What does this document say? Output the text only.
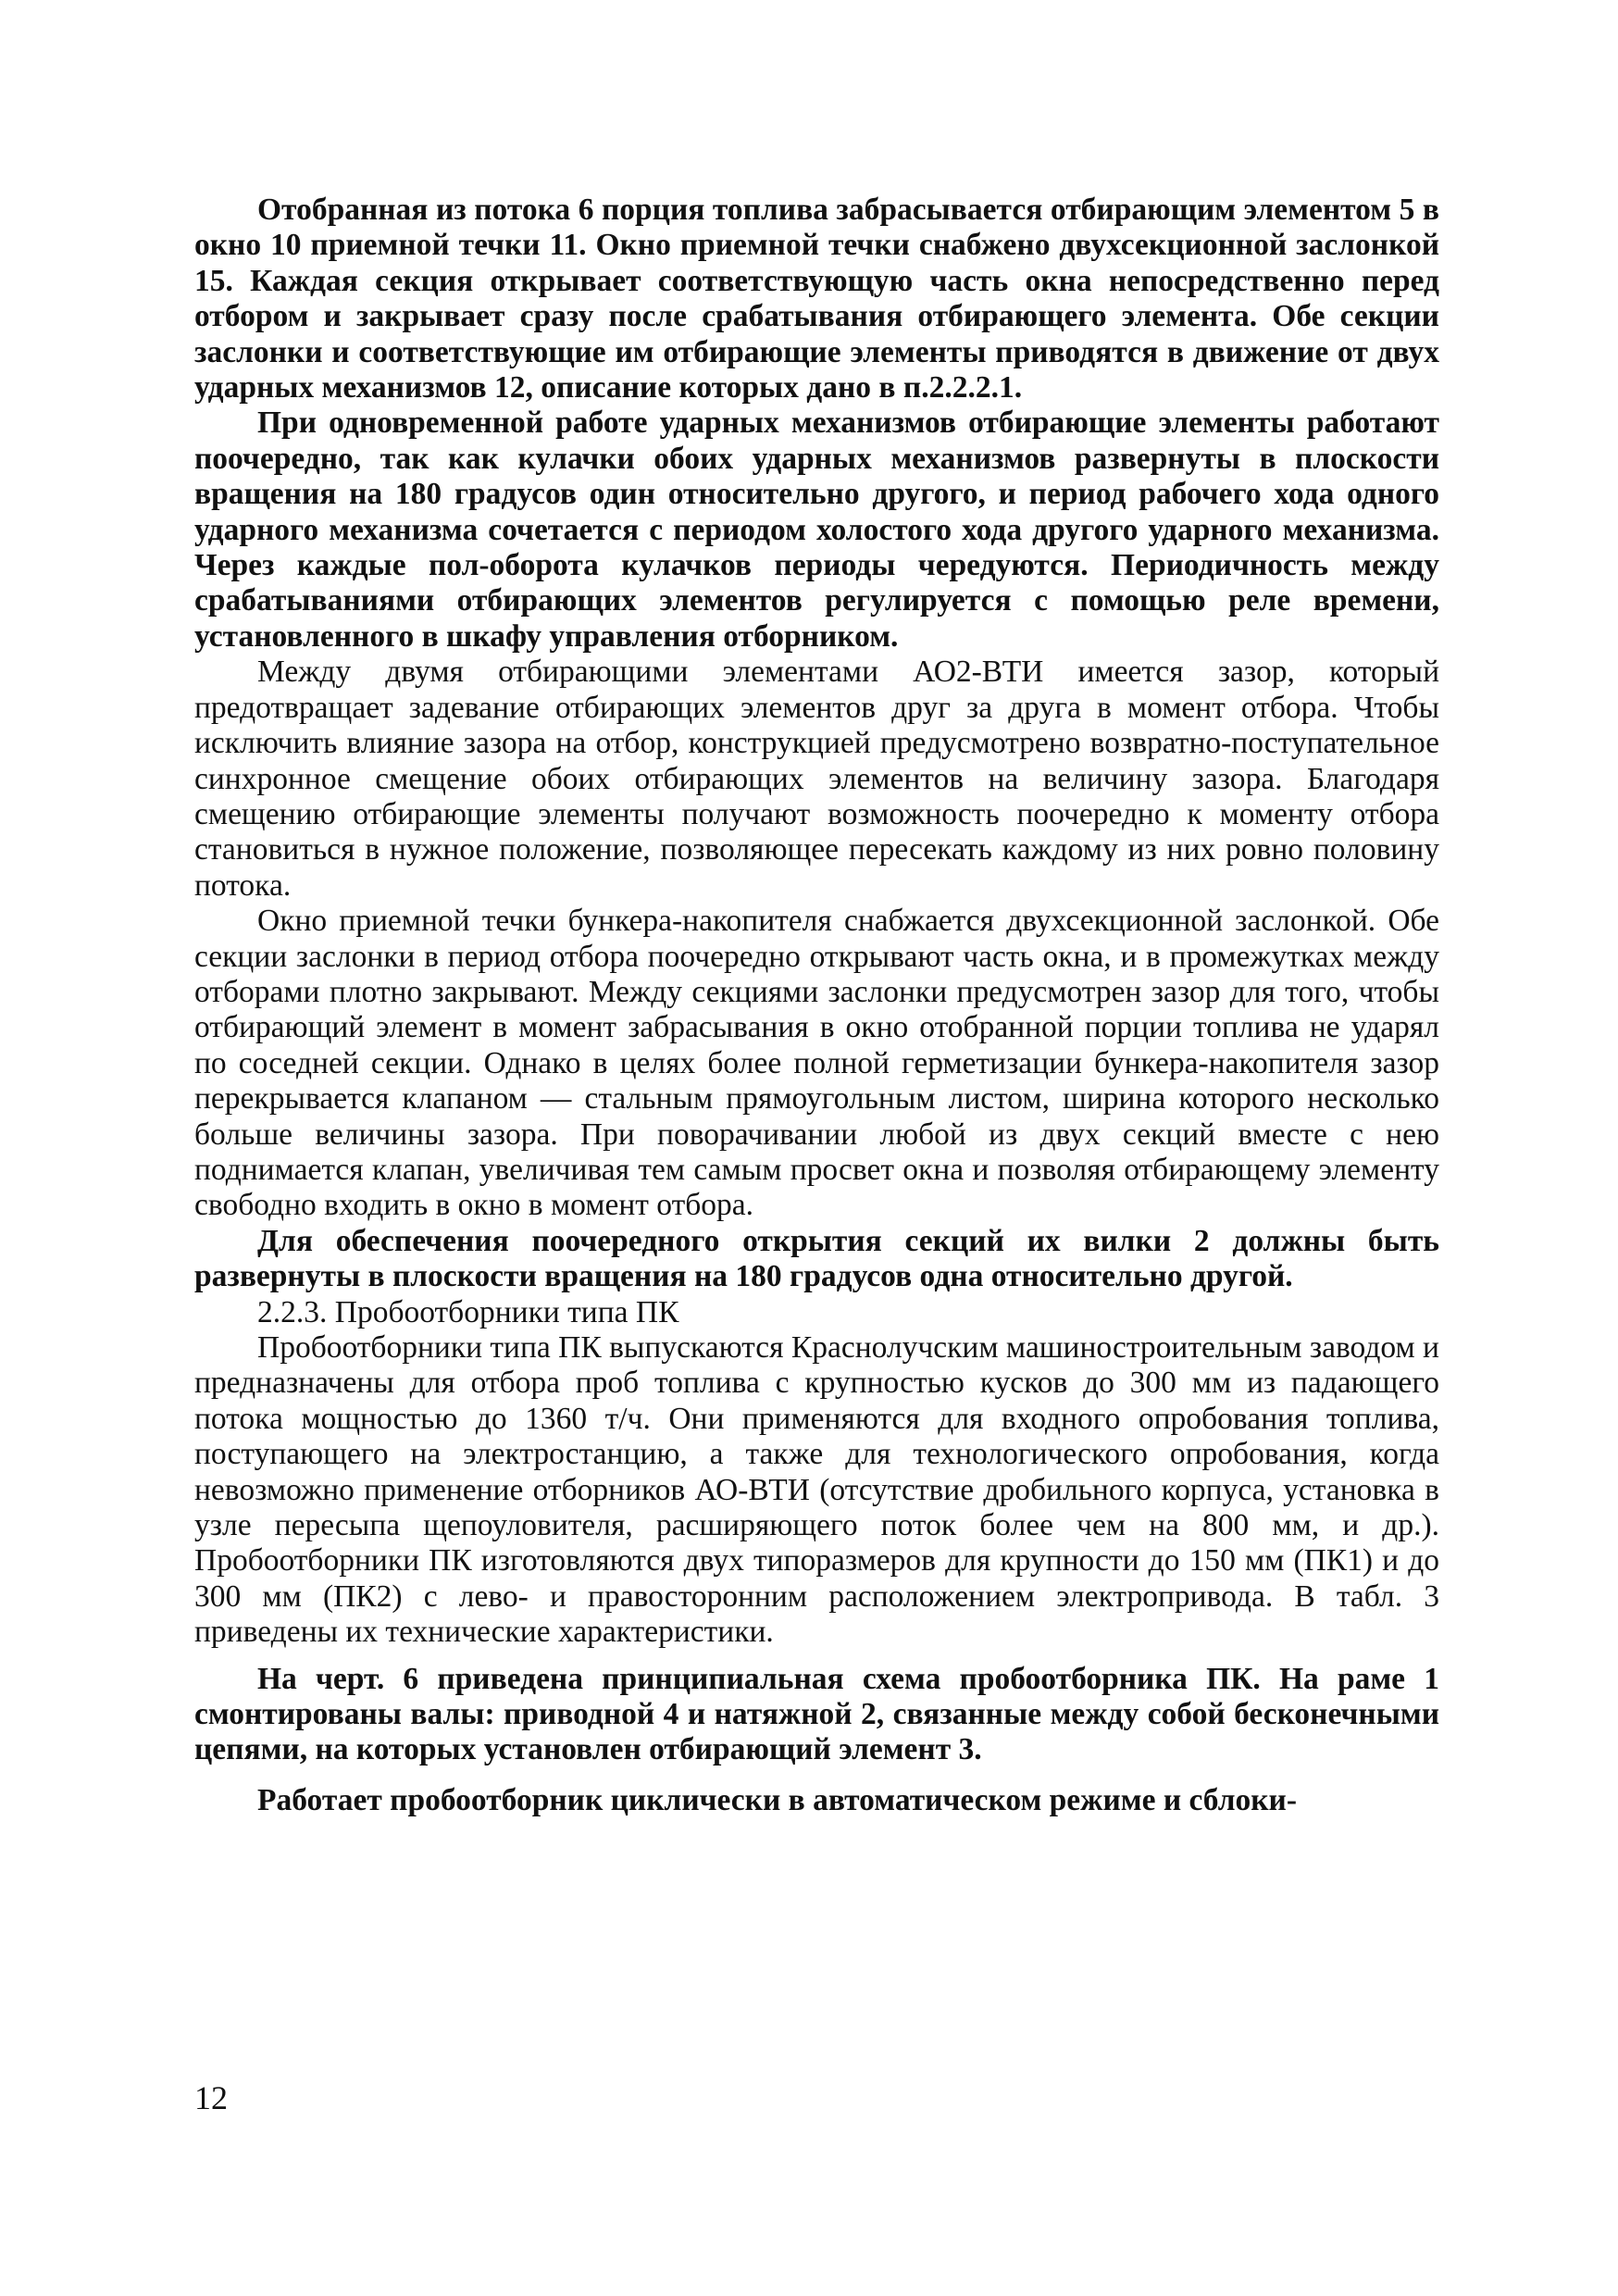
Отобранная из потока 6 порция топлива забрасывается отбирающим элементом 5 в окно 10 приемной течки 11. Окно приемной течки снабжено двухсекционной заслонкой 15. Каждая секция открывает соответствующую часть окна непосредственно перед отбором и закрывает сразу после срабатывания отбирающего элемента. Обе секции заслонки и соответствующие им отбирающие элементы приводятся в движение от двух ударных механизмов 12, описание которых дано в п.2.2.2.1.

При одновременной работе ударных механизмов отбирающие элементы работают поочередно, так как кулачки обоих ударных механизмов развернуты в плоскости вращения на 180 градусов один относительно другого, и период рабочего хода одного ударного механизма сочетается с периодом холостого хода другого ударного механизма. Через каждые пол-оборота кулачков периоды чередуются. Периодичность между срабатываниями отбирающих элементов регулируется с помощью реле времени, установленного в шкафу управления отборником.

Между двумя отбирающими элементами АО2-ВТИ имеется зазор, который предотвращает задевание отбирающих элементов друг за друга в момент отбора. Чтобы исключить влияние зазора на отбор, конструкцией предусмотрено возвратно-поступательное синхронное смещение обоих отбирающих элементов на величину зазора. Благодаря смещению отбирающие элементы получают возможность поочередно к моменту отбора становиться в нужное положение, позволяющее пересекать каждому из них ровно половину потока.

Окно приемной течки бункера-накопителя снабжается двухсекционной заслонкой. Обе секции заслонки в период отбора поочередно открывают часть окна, и в промежутках между отборами плотно закрывают. Между секциями заслонки предусмотрен зазор для того, чтобы отбирающий элемент в момент забрасывания в окно отобранной порции топлива не ударял по соседней секции. Однако в целях более полной герметизации бункера-накопителя зазор перекрывается клапаном — стальным прямоугольным листом, ширина которого несколько больше величины зазора. При поворачивании любой из двух секций вместе с нею поднимается клапан, увеличивая тем самым просвет окна и позволяя отбирающему элементу свободно входить в окно в момент отбора.

Для обеспечения поочередного открытия секций их вилки 2 должны быть развернуты в плоскости вращения на 180 градусов одна относительно другой.

2.2.3. Пробоотборники типа ПК

Пробоотборники типа ПК выпускаются Краснолучским машиностроительным заводом и предназначены для отбора проб топлива с крупностью кусков до 300 мм из падающего потока мощностью до 1360 т/ч. Они применяются для входного опробования топлива, поступающего на электростанцию, а также для технологического опробования, когда невозможно применение отборников АО-ВТИ (отсутствие дробильного корпуса, установка в узле пересыпа щепоуловителя, расширяющего поток более чем на 800 мм, и др.). Пробоотборники ПК изготовляются двух типоразмеров для крупности до 150 мм (ПК1) и до 300 мм (ПК2) с лево- и правосторонним расположением электропривода. В табл. 3 приведены их технические характеристики.

На черт. 6 приведена принципиальная схема пробоотборника ПК. На раме 1 смонтированы валы: приводной 4 и натяжной 2, связанные между собой бесконечными цепями, на которых установлен отбирающий элемент 3.

Работает пробоотборник циклически в автоматическом режиме и сблоки-

12
